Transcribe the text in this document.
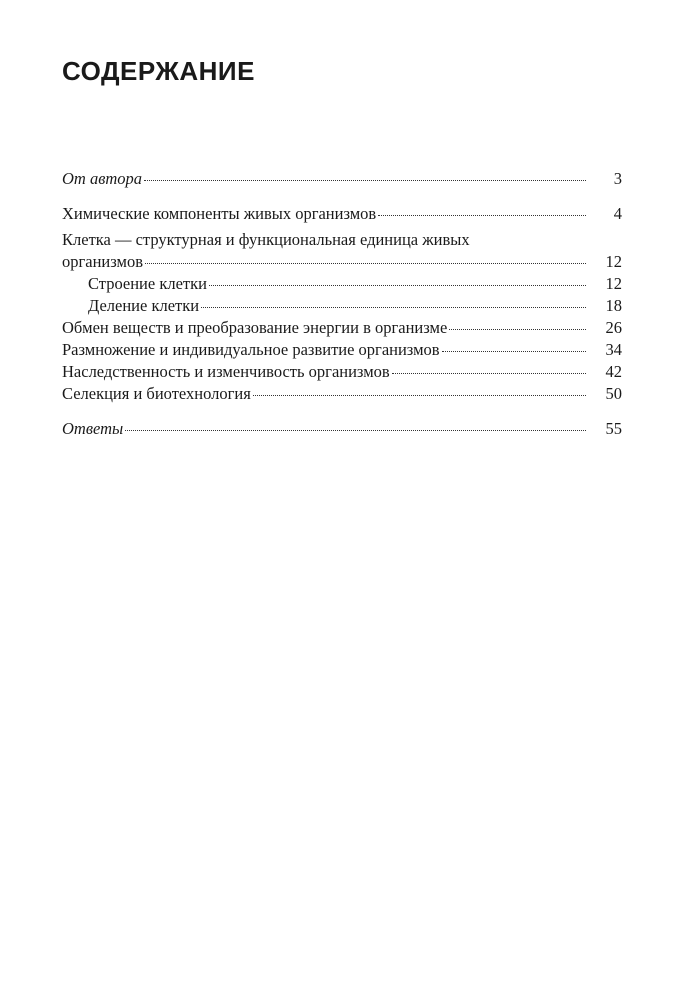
СОДЕРЖАНИЕ
От автора	3
Химические компоненты живых организмов	4
Клетка — структурная и функциональная единица живых
организмов	12
Строение клетки	12
Деление клетки	18
Обмен веществ и преобразование энергии в организме	26
Размножение и индивидуальное развитие организмов	34
Наследственность и изменчивость организмов	42
Селекция и биотехнология	50
Ответы	55
